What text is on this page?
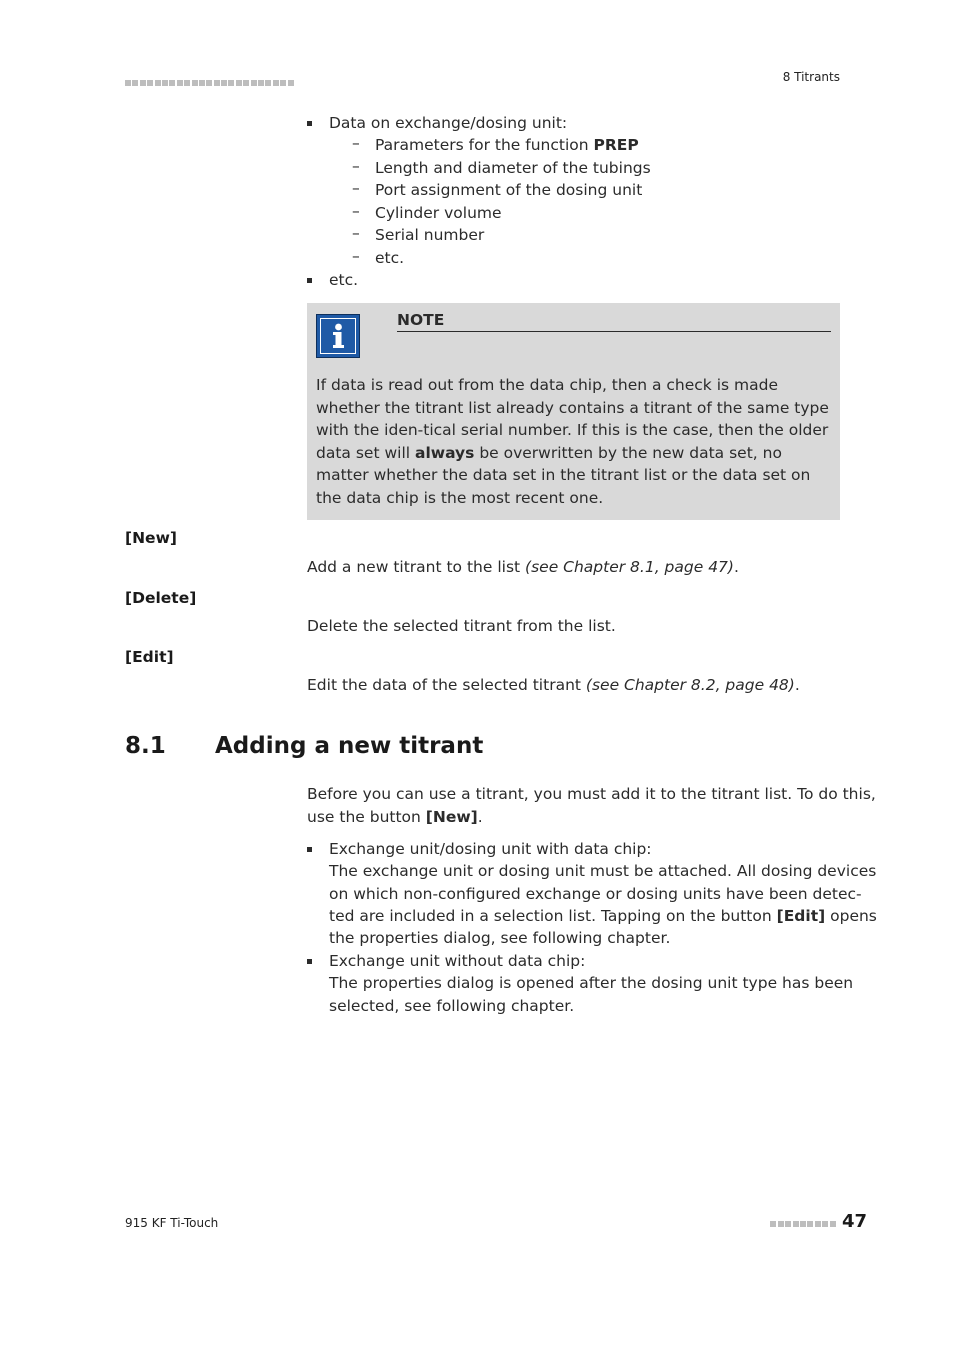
8 Titrants
Data on exchange/dosing unit:
– Parameters for the function PREP
– Length and diameter of the tubings
– Port assignment of the dosing unit
– Cylinder volume
– Serial number
– etc.
etc.
NOTE
If data is read out from the data chip, then a check is made whether the titrant list already contains a titrant of the same type with the iden-tical serial number. If this is the case, then the older data set will always be overwritten by the new data set, no matter whether the data set in the titrant list or the data set on the data chip is the most recent one.
[New]
Add a new titrant to the list (see Chapter 8.1, page 47).
[Delete]
Delete the selected titrant from the list.
[Edit]
Edit the data of the selected titrant (see Chapter 8.2, page 48).
8.1 Adding a new titrant
Before you can use a titrant, you must add it to the titrant list. To do this,
use the button [New].
Exchange unit/dosing unit with data chip:
The exchange unit or dosing unit must be attached. All dosing devices
on which non-configured exchange or dosing units have been detec-
ted are included in a selection list. Tapping on the button [Edit] opens
the properties dialog, see following chapter.
Exchange unit without data chip:
The properties dialog is opened after the dosing unit type has been
selected, see following chapter.
915 KF Ti-Touch	47
